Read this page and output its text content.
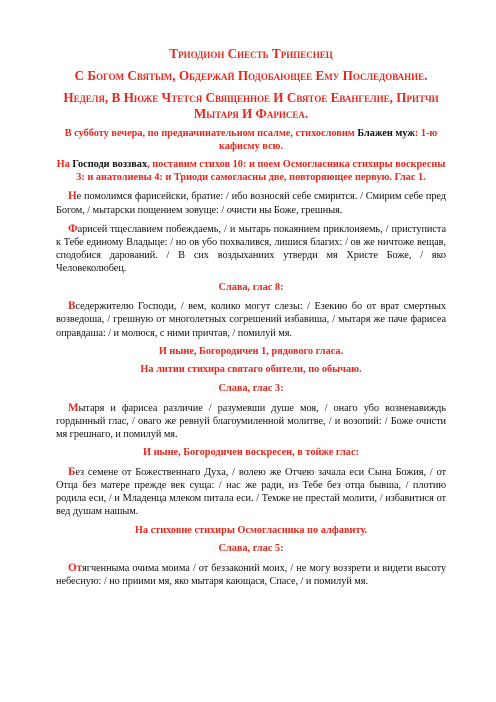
Триодион Сиесть Трипеснец
С Богом Святым, Обдержай Подобающее Ему Последование.
Неделя, В Нюже Чтется Священное И Святое Евангелие, Притчи Мытаря И Фарисеа.
В субботу вечера, по предначинательном псалме, стихословим Блажен муж: 1-ю кафисму всю.
На Господи воззвах, поставим стихов 10: и поем Осмогласника стихиры воскресны 3: и анатолиевы 4: и Триоди самогласны две, повторяющее первую. Глас 1.

Не помолимся фарисейски, братие: / ибо возносяй себе смирится. / Смирим себе пред Богом, / мытарски пощением зовуще: / очисти ны Боже, грешныя.

Фарисей тщеславием побеждаемь, / и мытарь покаянием приклоняемь, / приступиста к Тебе единому Владыце: / но ов убо похвалився, лишися благих: / ов же ничтоже вещав, сподобися дарований. / В сих воздыханиих утверди мя Христе Боже, / яко Человеколюбец.

Слава, глас 8:

Вседержителю Господи, / вем, колико могут слезы: / Езекию бо от врат смертных возведоша, / грешную от многолетных согрешений избавиша, / мытаря же паче фарисеа оправдаша: / и молюся, с ними причтав, / помилуй мя.

И ныне, Богородичен 1, рядового гласа.
На литии стихира святаго обители, по обычаю.
Слава, глас 3:

Мытаря и фарисеа различие / разумевши душе моя, / онаго убо возненавиждь гордынный глас, / оваго же ревнуй благоумиленной молитве, / и возопий: / Боже очисти мя грешнаго, и помилуй мя.

И ныне, Богородичен воскресен, в тойже глас:

Без семене от Божественнаго Духа, / волею же Отчею зачала еси Сына Божия, / от Отца без матере прежде век суща: / нас же ради, из Тебе без отца бывша, / плотию родила еси, / и Младенца млеком питала еси. / Темже не престай молити, / избавитися от вед душам нашым.

На стиховне стихиры Осмогласника по алфавиту.
Слава, глас 5:

Отягченныма очима моима / от беззаконий моих, / не могу воззрети и видети высоту небесную: / но приими мя, яко мытаря кающася, Спасе, / и помилуй мя.
